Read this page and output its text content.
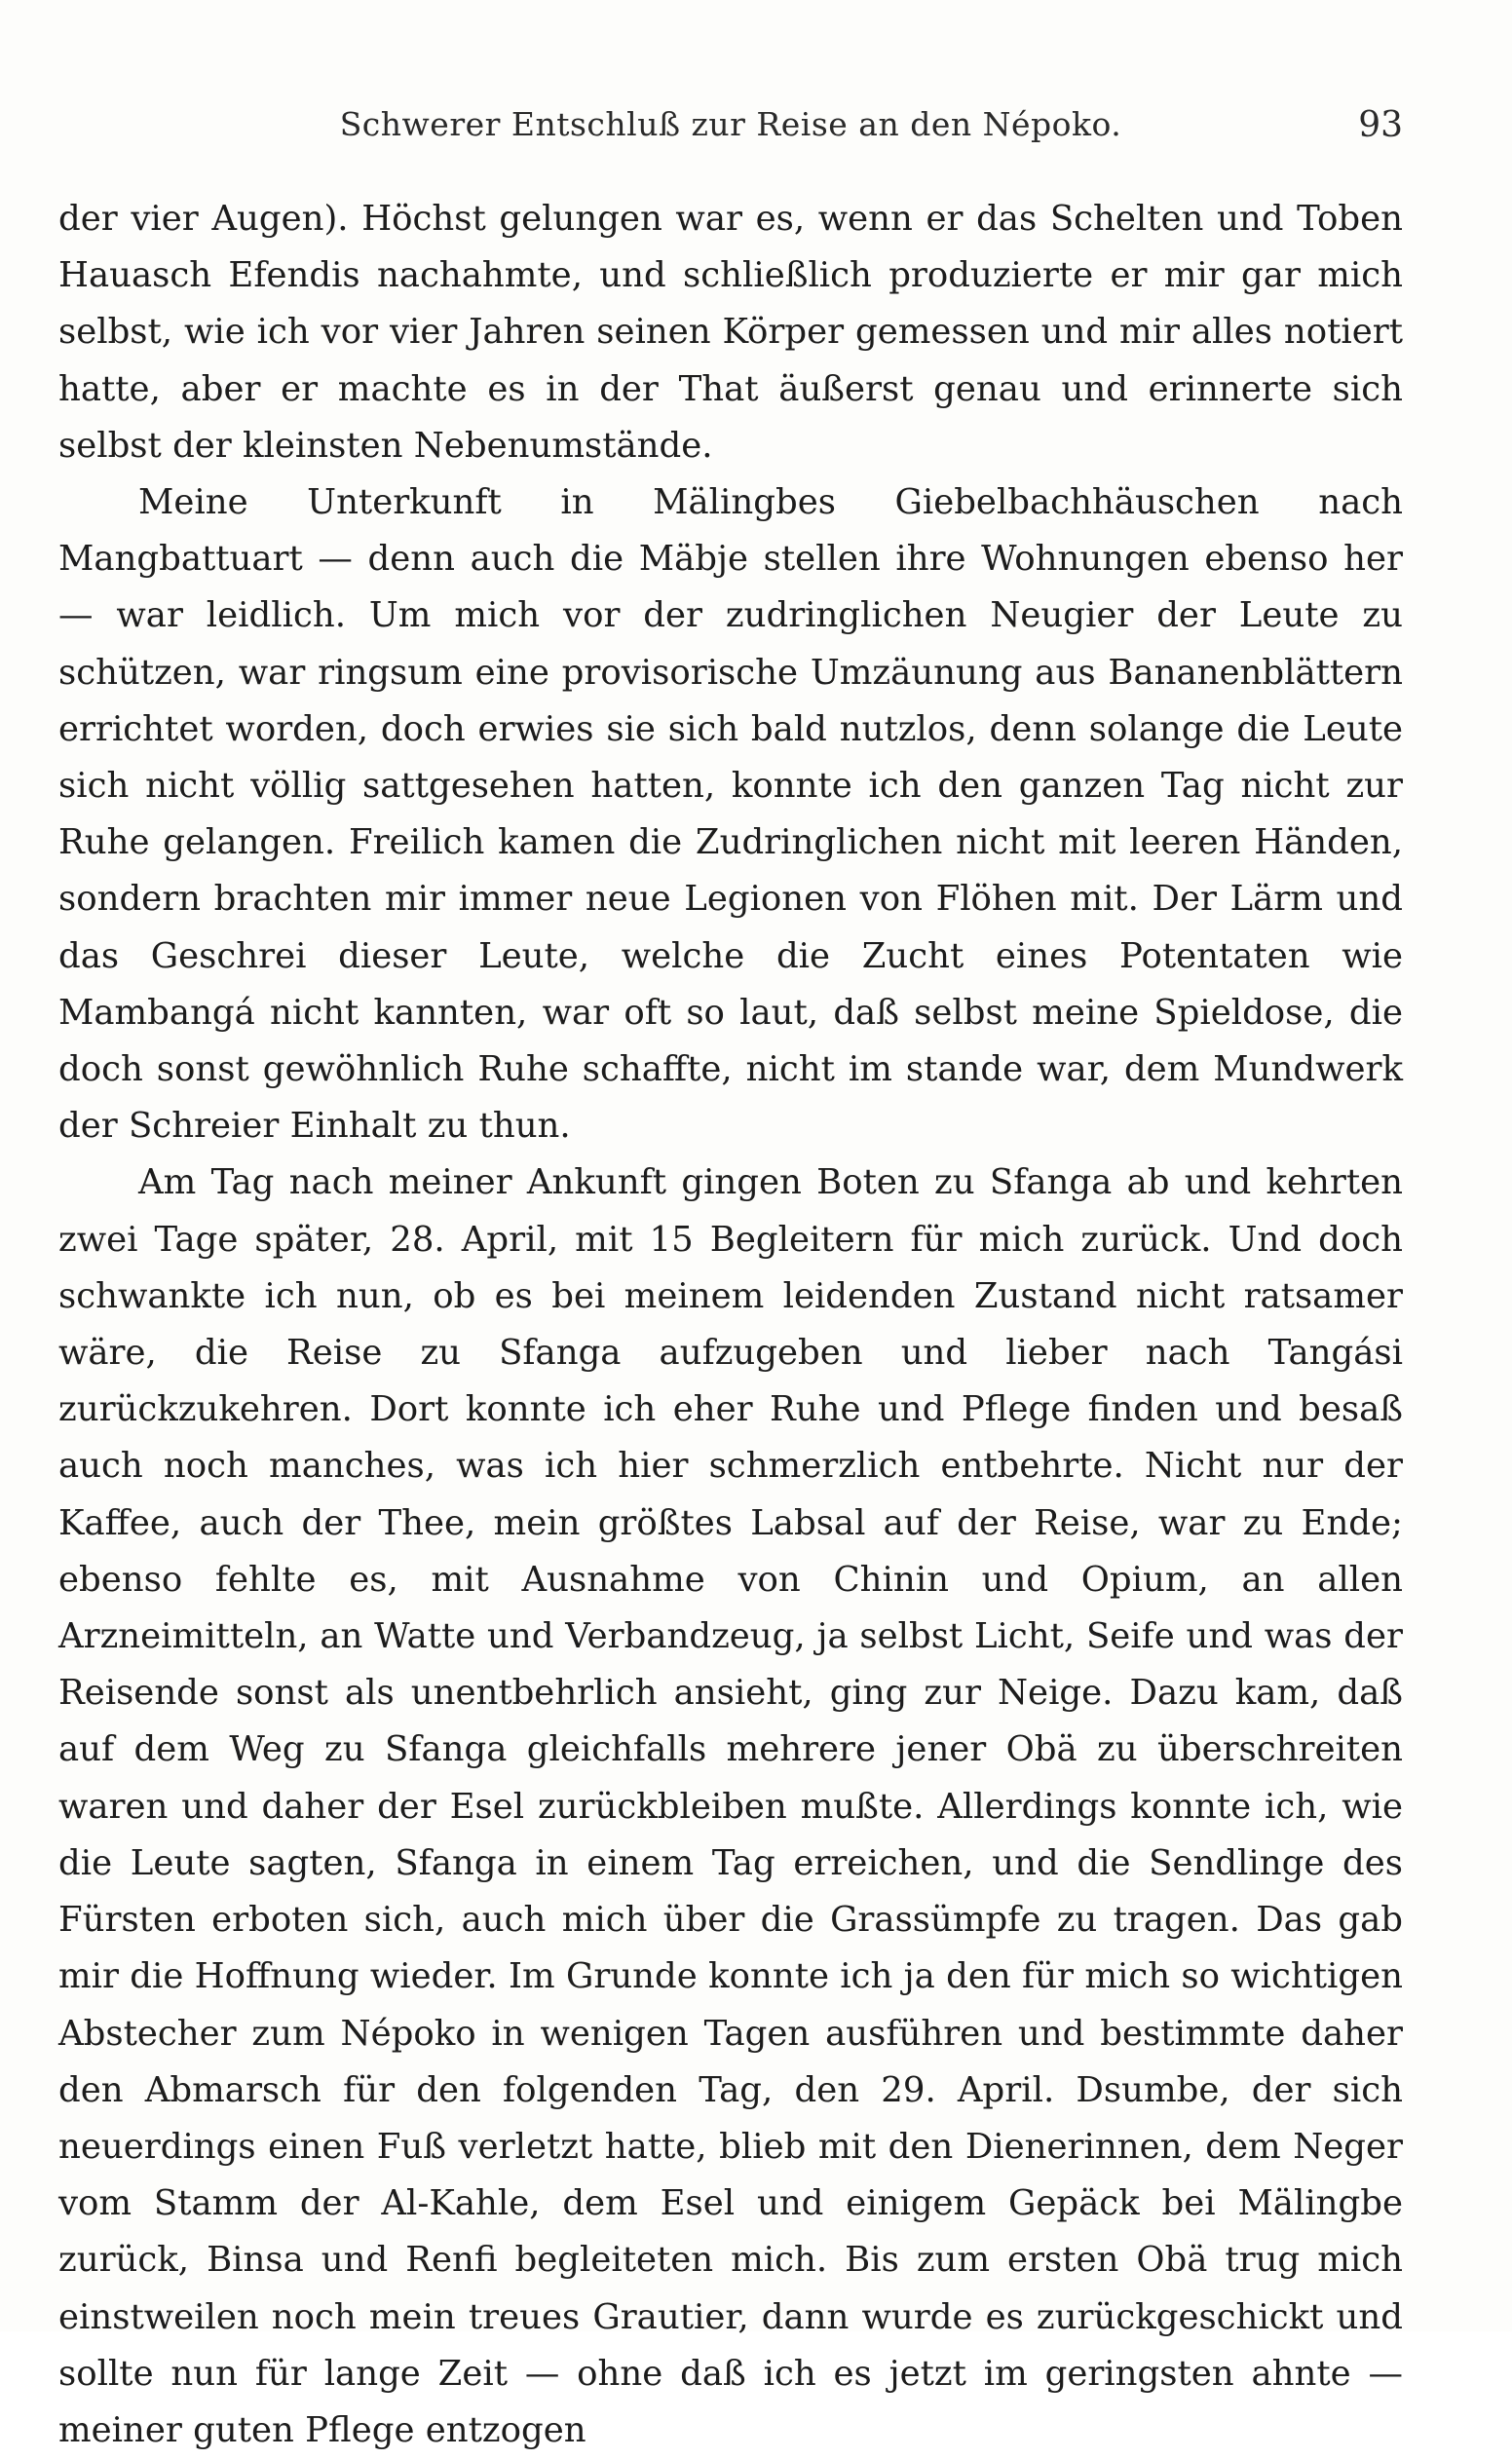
Schwerer Entschluß zur Reise an den Népoko.	93

der vier Augen). Höchst gelungen war es, wenn er das Schelten und Toben Hauasch Efendis nachahmte, und schließlich produzierte er mir gar mich selbst, wie ich vor vier Jahren seinen Körper gemessen und mir alles notiert hatte, aber er machte es in der That äußerst genau und erinnerte sich selbst der kleinsten Nebenumstände.

Meine Unterkunft in Mälingbes Giebelbachhäuschen nach Mangbattuart — denn auch die Mäbje stellen ihre Wohnungen ebenso her — war leidlich. Um mich vor der zudringlichen Neugier der Leute zu schützen, war ringsum eine provisorische Umzäunung aus Bananenblättern errichtet worden, doch erwies sie sich bald nutzlos, denn solange die Leute sich nicht völlig sattgesehen hatten, konnte ich den ganzen Tag nicht zur Ruhe gelangen. Freilich kamen die Zudringlichen nicht mit leeren Händen, sondern brachten mir immer neue Legionen von Flöhen mit. Der Lärm und das Geschrei dieser Leute, welche die Zucht eines Potentaten wie Mambangá nicht kannten, war oft so laut, daß selbst meine Spieldose, die doch sonst gewöhnlich Ruhe schaffte, nicht im stande war, dem Mundwerk der Schreier Einhalt zu thun.

Am Tag nach meiner Ankunft gingen Boten zu Sfanga ab und kehrten zwei Tage später, 28. April, mit 15 Begleitern für mich zurück. Und doch schwankte ich nun, ob es bei meinem leidenden Zustand nicht ratsamer wäre, die Reise zu Sfanga aufzugeben und lieber nach Tangási zurückzukehren. Dort konnte ich eher Ruhe und Pflege finden und besaß auch noch manches, was ich hier schmerzlich entbehrte. Nicht nur der Kaffee, auch der Thee, mein größtes Labsal auf der Reise, war zu Ende; ebenso fehlte es, mit Ausnahme von Chinin und Opium, an allen Arzneimitteln, an Watte und Verbandzeug, ja selbst Licht, Seife und was der Reisende sonst als unentbehrlich ansieht, ging zur Neige. Dazu kam, daß auf dem Weg zu Sfanga gleichfalls mehrere jener Obä zu überschreiten waren und daher der Esel zurückbleiben mußte. Allerdings konnte ich, wie die Leute sagten, Sfanga in einem Tag erreichen, und die Sendlinge des Fürsten erboten sich, auch mich über die Grassümpfe zu tragen. Das gab mir die Hoffnung wieder. Im Grunde konnte ich ja den für mich so wichtigen Abstecher zum Népoko in wenigen Tagen ausführen und bestimmte daher den Abmarsch für den folgenden Tag, den 29. April. Dsumbe, der sich neuerdings einen Fuß verletzt hatte, blieb mit den Dienerinnen, dem Neger vom Stamm der Al-Kahle, dem Esel und einigem Gepäck bei Mälingbe zurück, Binsa und Renfi begleiteten mich. Bis zum ersten Obä trug mich einstweilen noch mein treues Grautier, dann wurde es zurückgeschickt und sollte nun für lange Zeit — ohne daß ich es jetzt im geringsten ahnte — meiner guten Pflege entzogen
